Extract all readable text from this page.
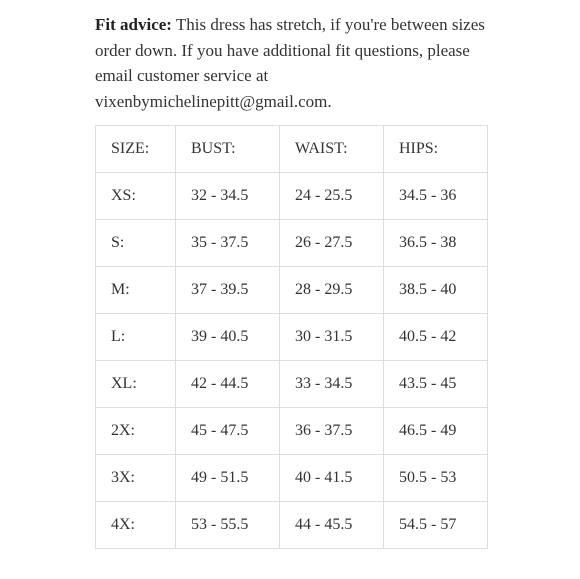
Fit advice: This dress has stretch, if you're between sizes
order down. If you have additional fit questions, please
email customer service at
vixenbymichelinepitt@gmail.com.
SIZE:	BUST:	WAIST:	HIPS:
XS:	32 - 34.5	24 - 25.5	34.5 - 36
S:	35 - 37.5	26 - 27.5	36.5 - 38
M:	37 - 39.5	28 - 29.5	38.5 - 40
L:	39 - 40.5	30 - 31.5	40.5 - 42
XL:	42 - 44.5	33 - 34.5	43.5 - 45
2X:	45 - 47.5	36 - 37.5	46.5 - 49
3X:	49 - 51.5	40 - 41.5	50.5 - 53
4X:	53 - 55.5	44 - 45.5	54.5 - 57
